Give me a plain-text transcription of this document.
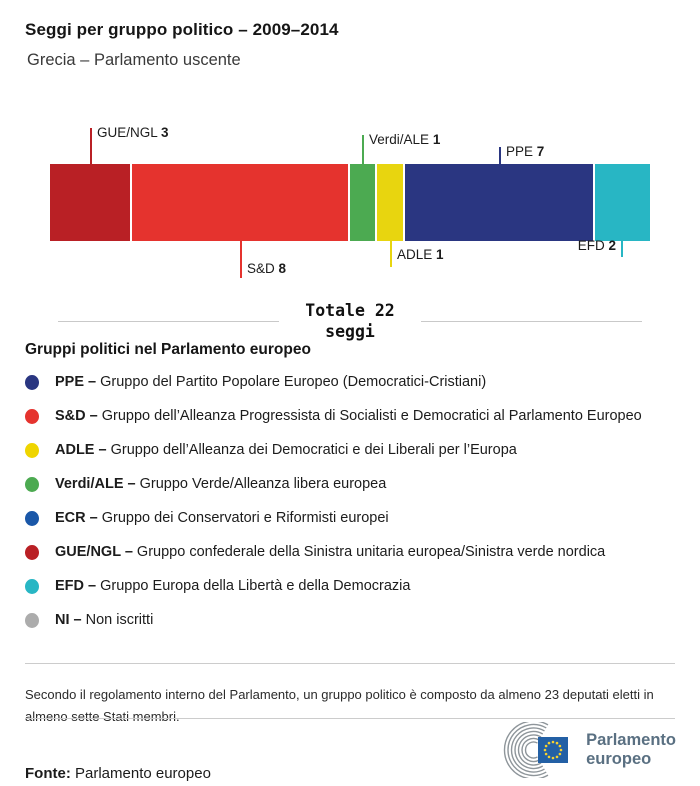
Seggi per gruppo politico – 2009–2014
Grecia – Parlamento uscente
GUE/NGL 3	Verdi/ALE 1
PPE 7
S&D 8
ADLE 1
EFD 2
Totale 22
seggi
Gruppi politici nel Parlamento europeo
PPE – Gruppo del Partito Popolare Europeo (Democratici-Cristiani)
S&D – Gruppo dell’Alleanza Progressista di Socialisti e Democratici al Parlamento Europeo
ADLE – Gruppo dell’Alleanza dei Democratici e dei Liberali per l’Europa
Verdi/ALE – Gruppo Verde/Alleanza libera europea
ECR – Gruppo dei Conservatori e Riformisti europei
GUE/NGL – Gruppo confederale della Sinistra unitaria europea/Sinistra verde nordica
EFD – Gruppo Europa della Libertà e della Democrazia
NI – Non iscritti

Secondo il regolamento interno del Parlamento, un gruppo politico è composto da almeno 23 deputati eletti in almeno sette Stati membri.

Fonte: Parlamento europeo

Parlamento
europeo
